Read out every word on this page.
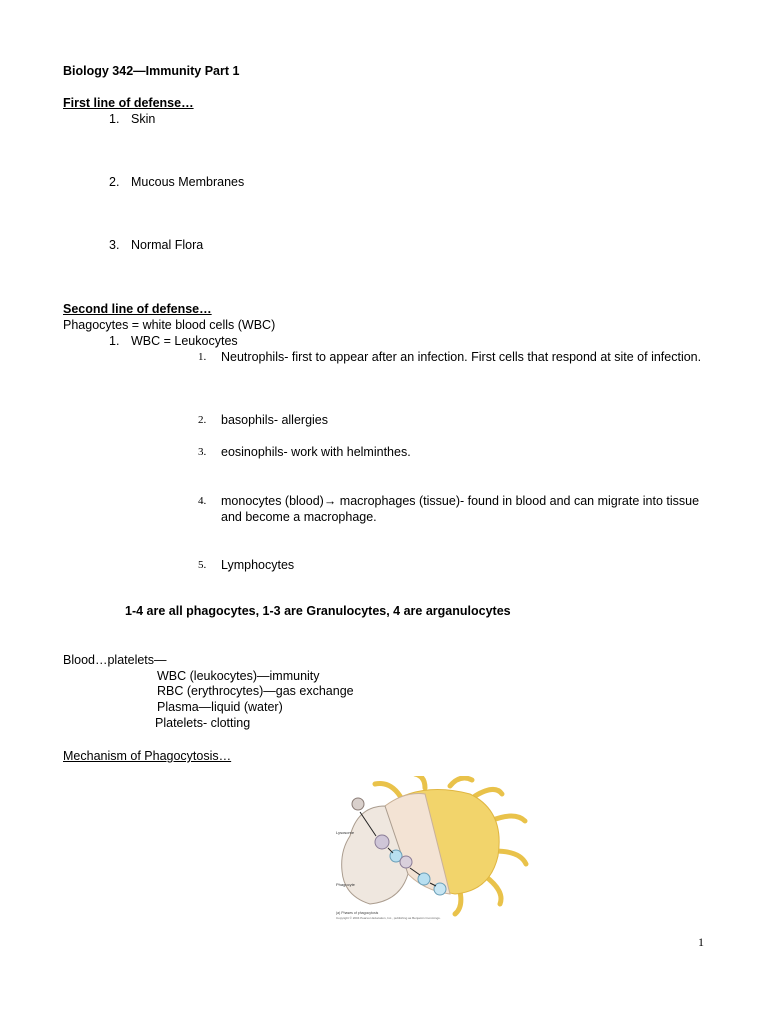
Biology 342—Immunity Part 1
First line of defense…
1. Skin
2. Mucous Membranes
3. Normal Flora
Second line of defense…
Phagocytes = white blood cells (WBC)
1. WBC = Leukocytes
1. Neutrophils- first to appear after an infection. First cells that respond at site of infection.
2. basophils- allergies
3. eosinophils- work with helminthes.
4. monocytes (blood)→ macrophages (tissue)- found in blood and can migrate into tissue and become a macrophage.
5. Lymphocytes
1-4 are all phagocytes, 1-3 are Granulocytes, 4 are arganulocytes
Blood…platelets—
WBC (leukocytes)—immunity
RBC (erythrocytes)—gas exchange
Plasma—liquid (water)
Platelets- clotting
Mechanism of Phagocytosis…
Lysosome
Phagocyte
(a) Phases of phagocytosis
Copyright © 2004 Pearson Education, Inc., publishing as Benjamin Cummings.
1
